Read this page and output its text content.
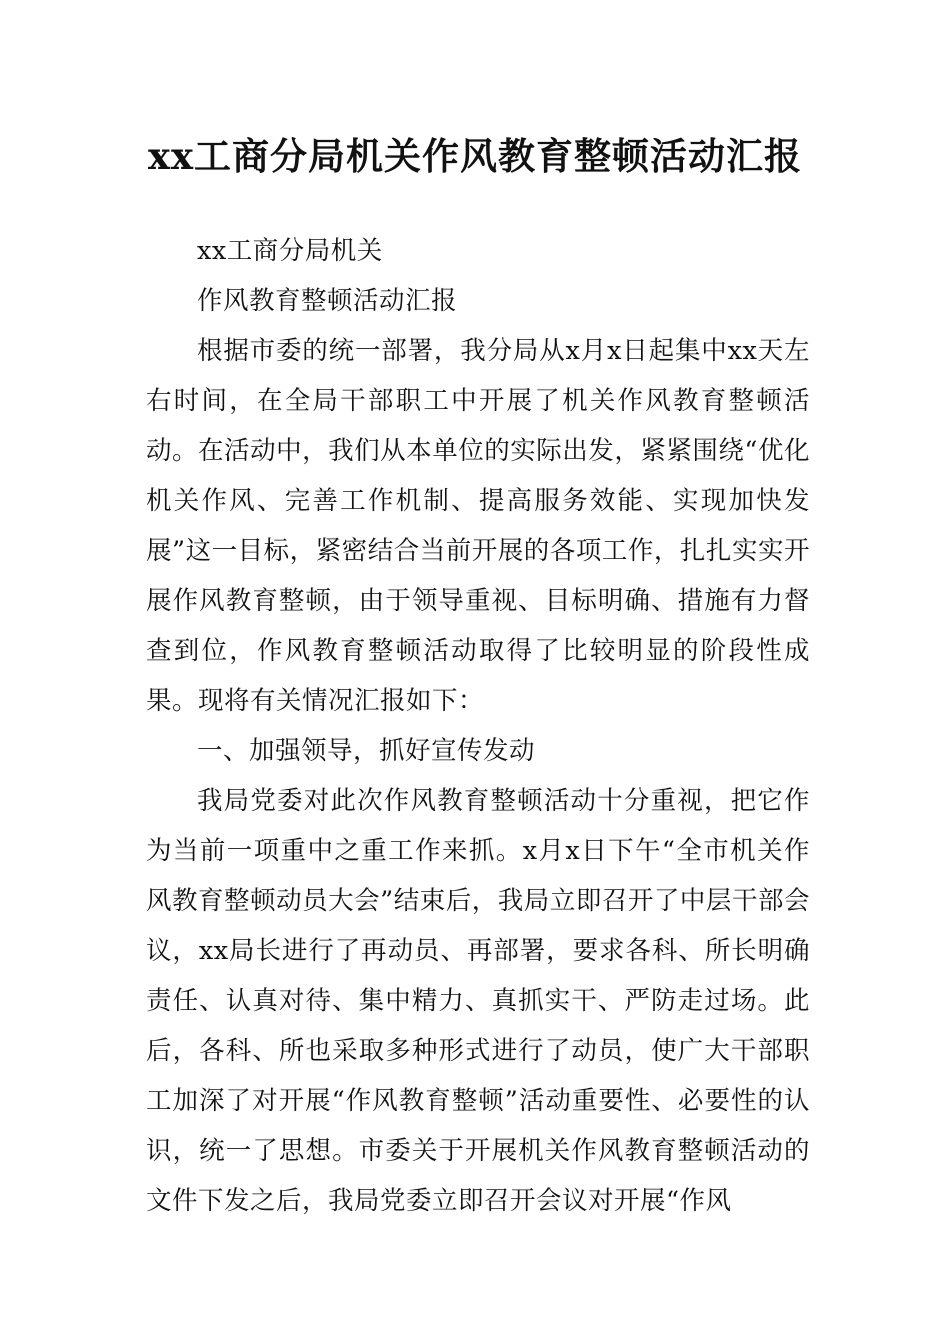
xx工商分局机关作风教育整顿活动汇报

xx工商分局机关

作风教育整顿活动汇报

根据市委的统一部署，我分局从x月x日起集中xx天左右时间，在全局干部职工中开展了机关作风教育整顿活动。在活动中，我们从本单位的实际出发，紧紧围绕“优化机关作风、完善工作机制、提高服务效能、实现加快发展”这一目标，紧密结合当前开展的各项工作，扎扎实实开展作风教育整顿，由于领导重视、目标明确、措施有力督查到位，作风教育整顿活动取得了比较明显的阶段性成果。现将有关情况汇报如下：

一、加强领导，抓好宣传发动

我局党委对此次作风教育整顿活动十分重视，把它作为当前一项重中之重工作来抓。x月x日下午“全市机关作风教育整顿动员大会”结束后，我局立即召开了中层干部会议，xx局长进行了再动员、再部署，要求各科、所长明确责任、认真对待、集中精力、真抓实干、严防走过场。此后，各科、所也采取多种形式进行了动员，使广大干部职工加深了对开展“作风教育整顿”活动重要性、必要性的认识，统一了思想。市委关于开展机关作风教育整顿活动的文件下发之后，我局党委立即召开会议对开展“作风
